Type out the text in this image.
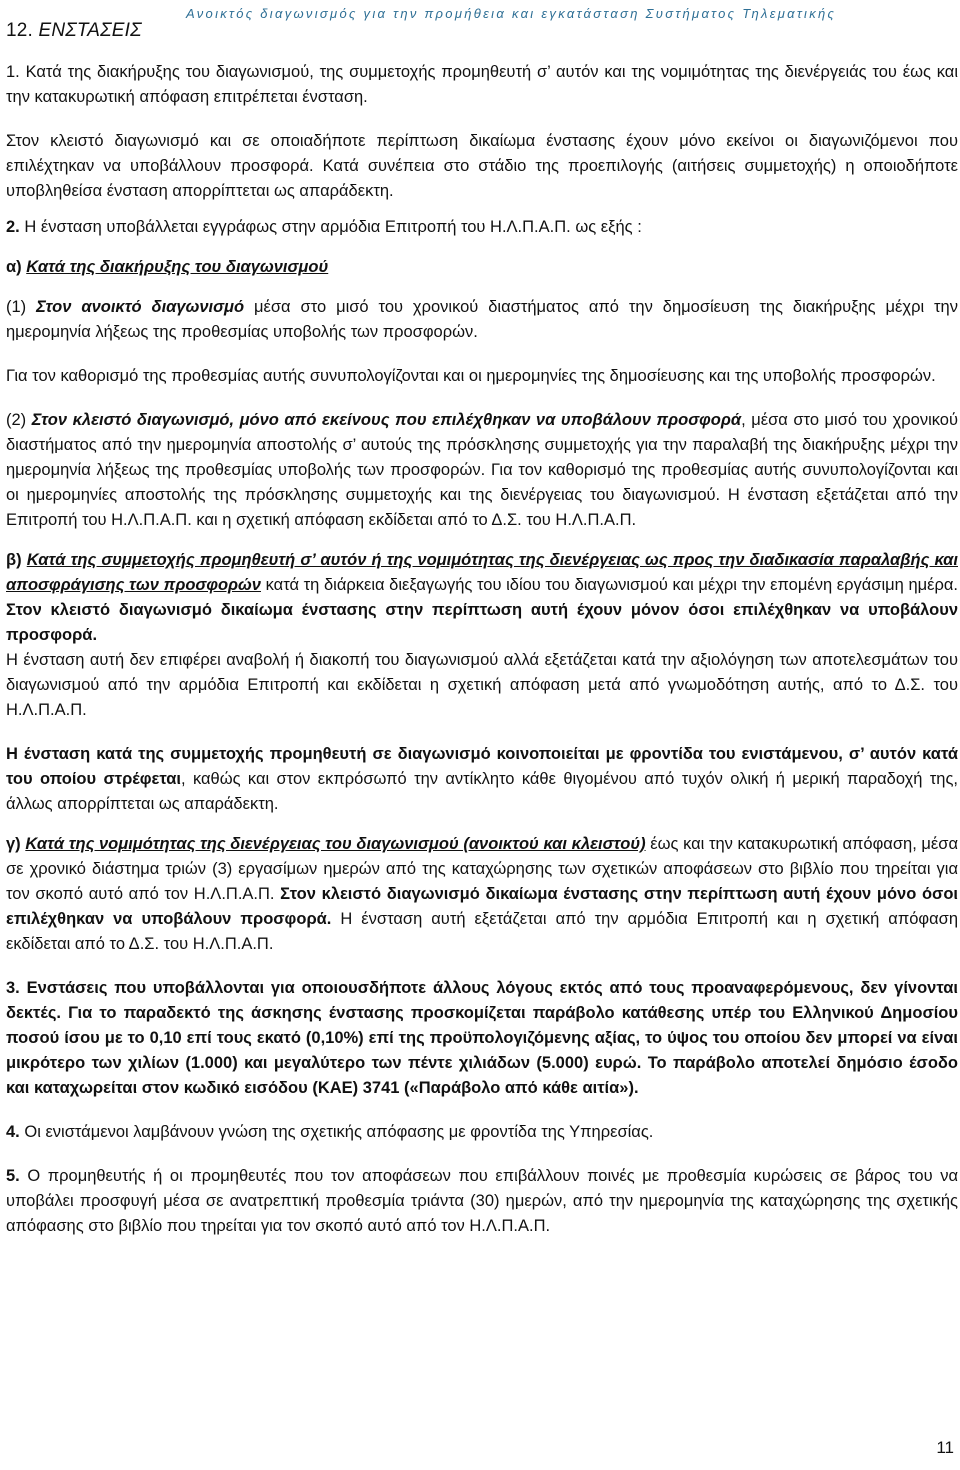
Ανοικτός διαγωνισμός για την προμήθεια και εγκατάσταση Συστήματος Τηλεματικής
12. ΕΝΣΤΑΣΕΙΣ

1. Κατά της διακήρυξης του διαγωνισμού, της συμμετοχής προμηθευτή σ’ αυτόν και της νομιμότητας της διενέργειάς του έως και την κατακυρωτική απόφαση επιτρέπεται ένσταση.

Στον κλειστό διαγωνισμό και σε οποιαδήποτε περίπτωση δικαίωμα ένστασης έχουν μόνο εκείνοι οι διαγωνιζόμενοι που επιλέχτηκαν να υποβάλλουν προσφορά. Κατά συνέπεια στο στάδιο της προεπιλογής (αιτήσεις συμμετοχής) η οποιοδήποτε υποβληθείσα ένσταση απορρίπτεται ως απαράδεκτη.

2. Η ένσταση υποβάλλεται εγγράφως στην αρμόδια Επιτροπή του Η.Λ.Π.Α.Π. ως εξής :

α) Κατά της διακήρυξης του διαγωνισμού

(1) Στον ανοικτό διαγωνισμό μέσα στο μισό του χρονικού διαστήματος από την δημοσίευση της διακήρυξης μέχρι την ημερομηνία λήξεως της προθεσμίας υποβολής των προσφορών.

Για τον καθορισμό της προθεσμίας αυτής συνυπολογίζονται και οι ημερομηνίες της δημοσίευσης και της υποβολής προσφορών.

(2) Στον κλειστό διαγωνισμό, μόνο από εκείνους που επιλέχθηκαν να υποβάλουν προσφορά, μέσα στο μισό του χρονικού διαστήματος από την ημερομηνία αποστολής σ’ αυτούς της πρόσκλησης συμμετοχής για την παραλαβή της διακήρυξης μέχρι την ημερομηνία λήξεως της προθεσμίας υποβολής των προσφορών. Για τον καθορισμό της προθεσμίας αυτής συνυπολογίζονται και οι ημερομηνίες αποστολής της πρόσκλησης συμμετοχής και της διενέργειας του διαγωνισμού. Η ένσταση εξετάζεται από την Επιτροπή του Η.Λ.Π.Α.Π. και η σχετική απόφαση εκδίδεται από το Δ.Σ. του Η.Λ.Π.Α.Π.

β) Κατά της συμμετοχής προμηθευτή σ’ αυτόν ή της νομιμότητας της διενέργειας ως προς την διαδικασία παραλαβής και αποσφράγισης των προσφορών κατά τη διάρκεια διεξαγωγής του ιδίου του διαγωνισμού και μέχρι την επομένη εργάσιμη ημέρα. Στον κλειστό διαγωνισμό δικαίωμα ένστασης στην περίπτωση αυτή έχουν μόνον όσοι επιλέχθηκαν να υποβάλουν προσφορά.

Η ένσταση αυτή δεν επιφέρει αναβολή ή διακοπή του διαγωνισμού αλλά εξετάζεται κατά την αξιολόγηση των αποτελεσμάτων του διαγωνισμού από την αρμόδια Επιτροπή και εκδίδεται η σχετική απόφαση μετά από γνωμοδότηση αυτής, από το Δ.Σ. του Η.Λ.Π.Α.Π.

Η ένσταση κατά της συμμετοχής προμηθευτή σε διαγωνισμό κοινοποιείται με φροντίδα του ενιστάμενου, σ’ αυτόν κατά του οποίου στρέφεται, καθώς και στον εκπρόσωπό την αντίκλητο κάθε θιγομένου από τυχόν ολική ή μερική παραδοχή της, άλλως απορρίπτεται ως απαράδεκτη.

γ) Κατά της νομιμότητας της διενέργειας του διαγωνισμού (ανοικτού και κλειστού) έως και την κατακυρωτική απόφαση, μέσα σε χρονικό διάστημα τριών (3) εργασίμων ημερών από της καταχώρησης των σχετικών αποφάσεων στο βιβλίο που τηρείται για τον σκοπό αυτό από τον Η.Λ.Π.Α.Π. Στον κλειστό διαγωνισμό δικαίωμα ένστασης στην περίπτωση αυτή έχουν μόνο όσοι επιλέχθηκαν να υποβάλουν προσφορά. Η ένσταση αυτή εξετάζεται από την αρμόδια Επιτροπή και η σχετική απόφαση εκδίδεται από το Δ.Σ. του Η.Λ.Π.Α.Π.

3. Ενστάσεις που υποβάλλονται για οποιουσδήποτε άλλους λόγους εκτός από τους προαναφερόμενους, δεν γίνονται δεκτές. Για το παραδεκτό της άσκησης ένστασης προσκομίζεται παράβολο κατάθεσης υπέρ του Ελληνικού Δημοσίου ποσού ίσου με το 0,10 επί τους εκατό (0,10%) επί της προϋπολογιζόμενης αξίας, το ύψος του οποίου δεν μπορεί να είναι μικρότερο των χιλίων (1.000) και μεγαλύτερο των πέντε χιλιάδων (5.000) ευρώ. Το παράβολο αποτελεί δημόσιο έσοδο και καταχωρείται στον κωδικό εισόδου (ΚΑΕ) 3741 («Παράβολο από κάθε αιτία»).

4. Οι ενιστάμενοι λαμβάνουν γνώση της σχετικής απόφασης με φροντίδα της Υπηρεσίας.

5. Ο προμηθευτής ή οι προμηθευτές που τον αποφάσεων που επιβάλλουν ποινές με προθεσμία κυρώσεις σε βάρος του να υποβάλει προσφυγή μέσα σε ανατρεπτική προθεσμία τριάντα (30) ημερών, από την ημερομηνία της καταχώρησης της σχετικής απόφασης στο βιβλίο που τηρείται για τον σκοπό αυτό από τον Η.Λ.Π.Α.Π.

11
